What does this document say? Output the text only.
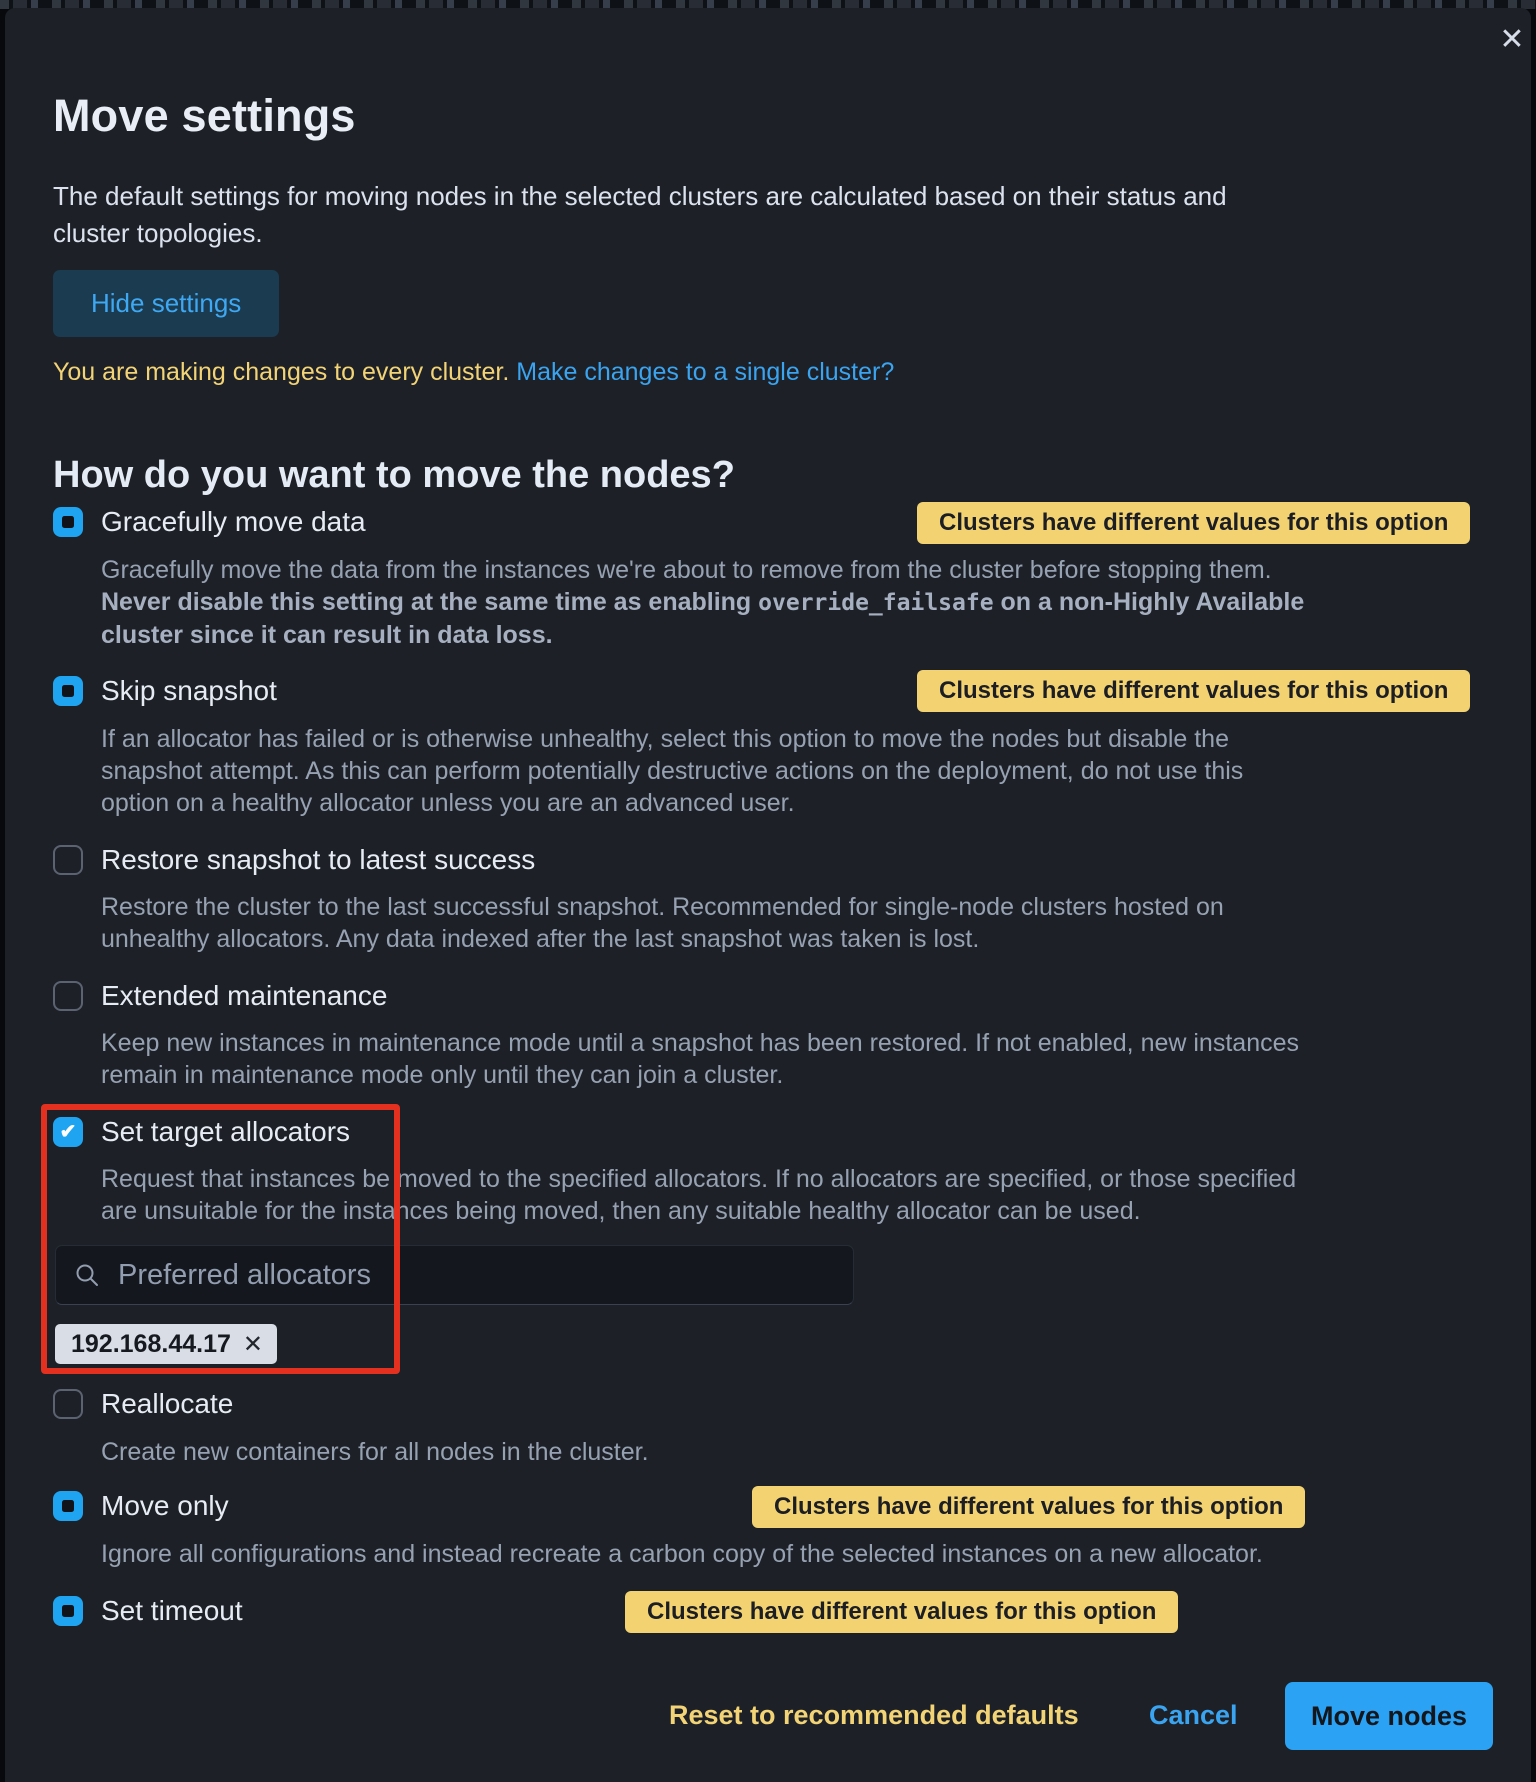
✕
Move settings

The default settings for moving nodes in the selected clusters are calculated based on their status and cluster topologies.

Hide settings
You are making changes to every cluster. Make changes to a single cluster?
How do you want to move the nodes?
Gracefully move data	Clusters have different values for this option
Gracefully move the data from the instances we're about to remove from the cluster before stopping them. Never disable this setting at the same time as enabling override_failsafe on a non-Highly Available cluster since it can result in data loss.
Skip snapshot	Clusters have different values for this option
If an allocator has failed or is otherwise unhealthy, select this option to move the nodes but disable the snapshot attempt. As this can perform potentially destructive actions on the deployment, do not use this option on a healthy allocator unless you are an advanced user.
Restore snapshot to latest success
Restore the cluster to the last successful snapshot. Recommended for single-node clusters hosted on unhealthy allocators. Any data indexed after the last snapshot was taken is lost.
Extended maintenance
Keep new instances in maintenance mode until a snapshot has been restored. If not enabled, new instances remain in maintenance mode only until they can join a cluster.
✔ Set target allocators
Request that instances be moved to the specified allocators. If no allocators are specified, or those specified are unsuitable for the instances being moved, then any suitable healthy allocator can be used.
Preferred allocators
192.168.44.17 ✕
Reallocate
Create new containers for all nodes in the cluster.
Move only	Clusters have different values for this option
Ignore all configurations and instead recreate a carbon copy of the selected instances on a new allocator.
Set timeout	Clusters have different values for this option
Reset to recommended defaults	Cancel	Move nodes
